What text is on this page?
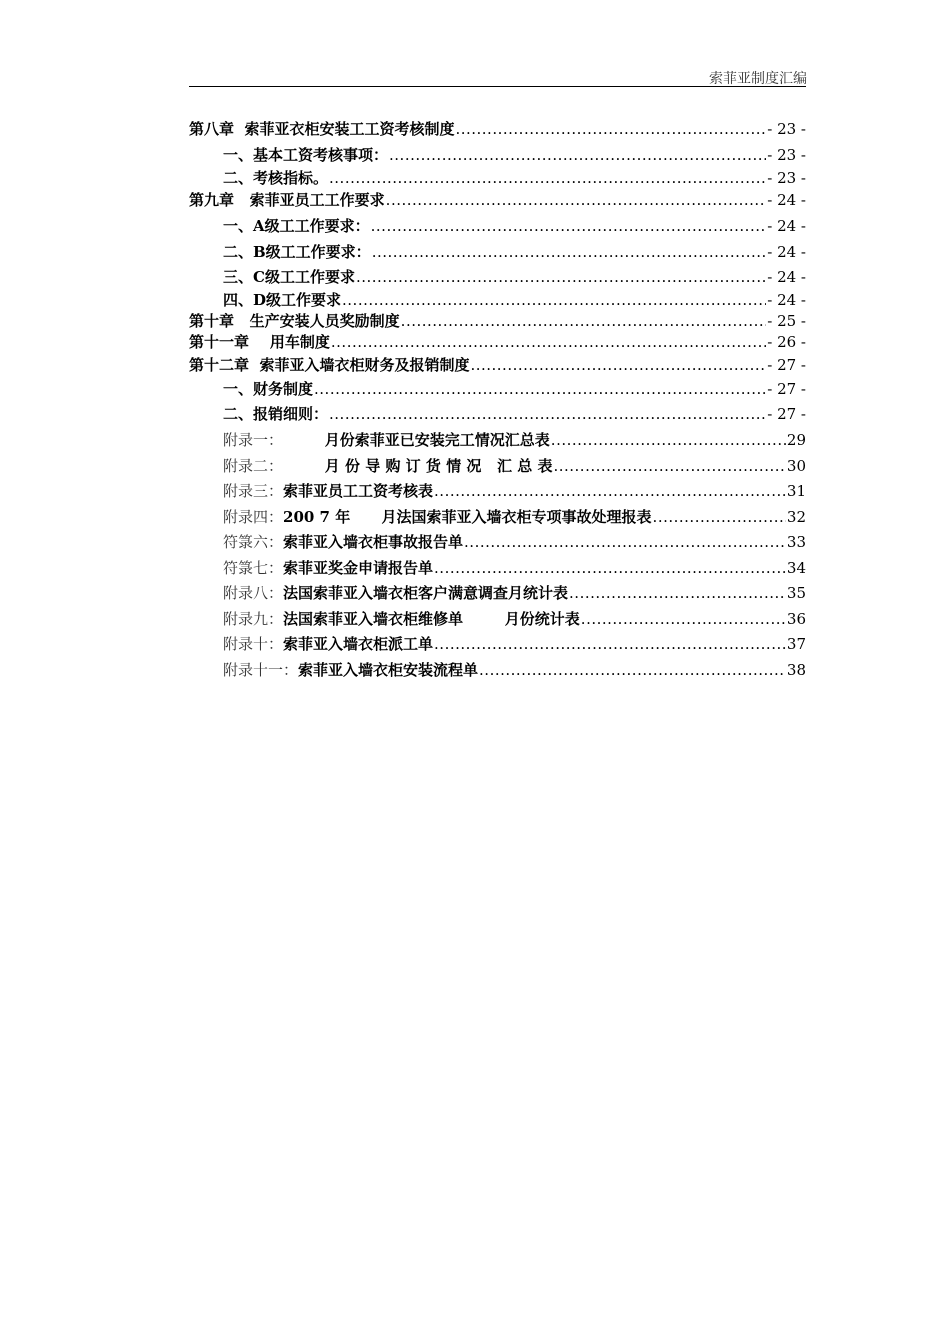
索菲亚制度汇编
第八章  索菲亚衣柜安装工工资考核制度 .....	- 23 -
一、基本工资考核事项： .....	- 23 -
二、考核指标。 .....	- 23 -
第九章   索菲亚员工工作要求 .....	- 24 -
一、A级工工作要求： .....	- 24 -
二、B级工工作要求： .....	- 24 -
三、C级工工作要求 .....	- 24 -
四、D级工作要求 .....	- 24 -
第十章   生产安装人员奖励制度 .....	- 25 -
第十一章    用车制度 .....	- 26 -
第十二章  索菲亚入墙衣柜财务及报销制度 .....	- 27 -
一、财务制度 .....	- 27 -
二、报销细则： .....	- 27 -
附录一： 月份索菲亚已安装完工情况汇总表 .....	29
附录二： 月 份 导 购 订 货 情 况   汇 总 表 .....	30
附录三： 索菲亚员工工资考核表 .....	31
附录四： 200 7 年      月法国索菲亚入墙衣柜专项事故处理报表 .....	32
符箓六： 索菲亚入墙衣柜事故报告单 .....	33
符箓七： 索菲亚奖金申请报告单 .....	34
附录八： 法国索菲亚入墙衣柜客户满意调查月统计表 .....	35
附录九： 法国索菲亚入墙衣柜维修单        月份统计表 .....	36
附录十： 索菲亚入墙衣柜派工单 .....	37
附录十一： 索菲亚入墙衣柜安装流程单 .....	38
